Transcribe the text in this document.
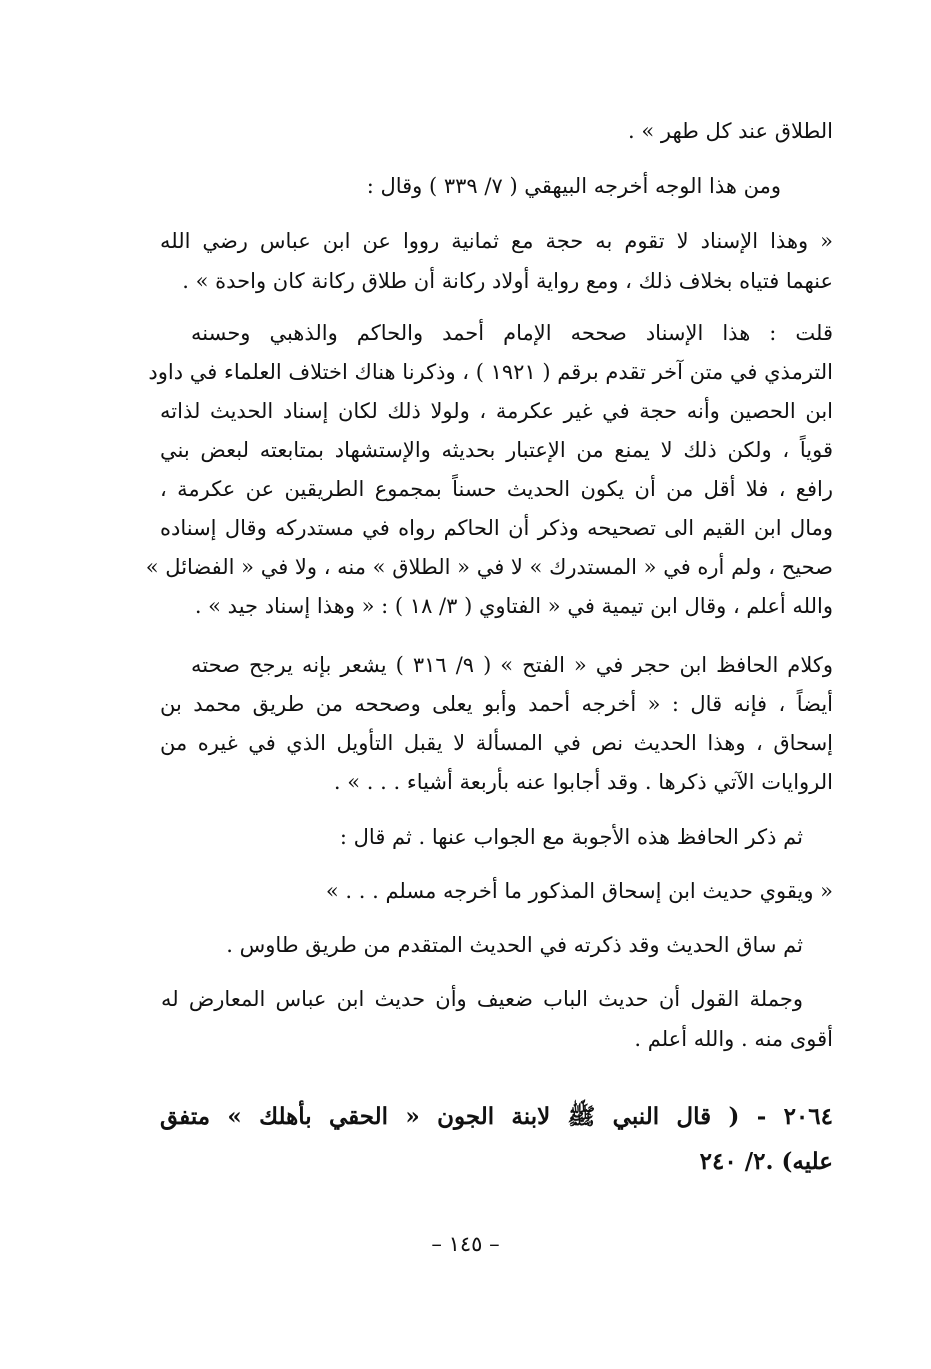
الطلاق عند كل طهر » .
ومن هذا الوجه أخرجه البيهقي ( ٧/ ٣٣٩ ) وقال :
« وهذا الإسناد لا تقوم به حجة مع ثمانية رووا عن ابن عباس رضي الله
عنهما فتياه بخلاف ذلك ، ومع رواية أولاد ركانة أن طلاق ركانة كان واحدة » .
قلت : هذا الإسناد صححه الإمام أحمد والحاكم والذهبي وحسنه
الترمذي في متن آخر تقدم برقم ( ١٩٢١ ) ، وذكرنا هناك اختلاف العلماء في داود
ابن الحصين وأنه حجة في غير عكرمة ، ولولا ذلك لكان إسناد الحديث لذاته
قوياً ، ولكن ذلك لا يمنع من الإعتبار بحديثه والإستشهاد بمتابعته لبعض بني
رافع ، فلا أقل من أن يكون الحديث حسناً بمجموع الطريقين عن عكرمة ،
ومال ابن القيم الى تصحيحه وذكر أن الحاكم رواه في مستدركه وقال إسناده
صحيح ، ولم أره في « المستدرك » لا في « الطلاق » منه ، ولا في « الفضائل »
والله أعلم ، وقال ابن تيمية في « الفتاوي ( ٣/ ١٨ ) : « وهذا إسناد جيد » .
وكلام الحافظ ابن حجر في « الفتح » ( ٩/ ٣١٦ ) يشعر بإنه يرجح صحته
أيضاً ، فإنه قال : « أخرجه أحمد وأبو يعلى وصححه من طريق محمد بن
إسحاق ، وهذا الحديث نص في المسألة لا يقبل التأويل الذي في غيره من
الروايات الآتي ذكرها . وقد أجابوا عنه بأربعة أشياء . . . » .
ثم ذكر الحافظ هذه الأجوبة مع الجواب عنها . ثم قال :
« ويقوي حديث ابن إسحاق المذكور ما أخرجه مسلم . . . »
ثم ساق الحديث وقد ذكرته في الحديث المتقدم من طريق طاوس .
وجملة القول أن حديث الباب ضعيف وأن حديث ابن عباس المعارض له
أقوى منه . والله أعلم .
٢٠٦٤ - ( قال النبي ﷺ لابنة الجون « الحقي بأهلك » متفق
عليه) .٢/ ٢٤٠
– ١٤٥ –
